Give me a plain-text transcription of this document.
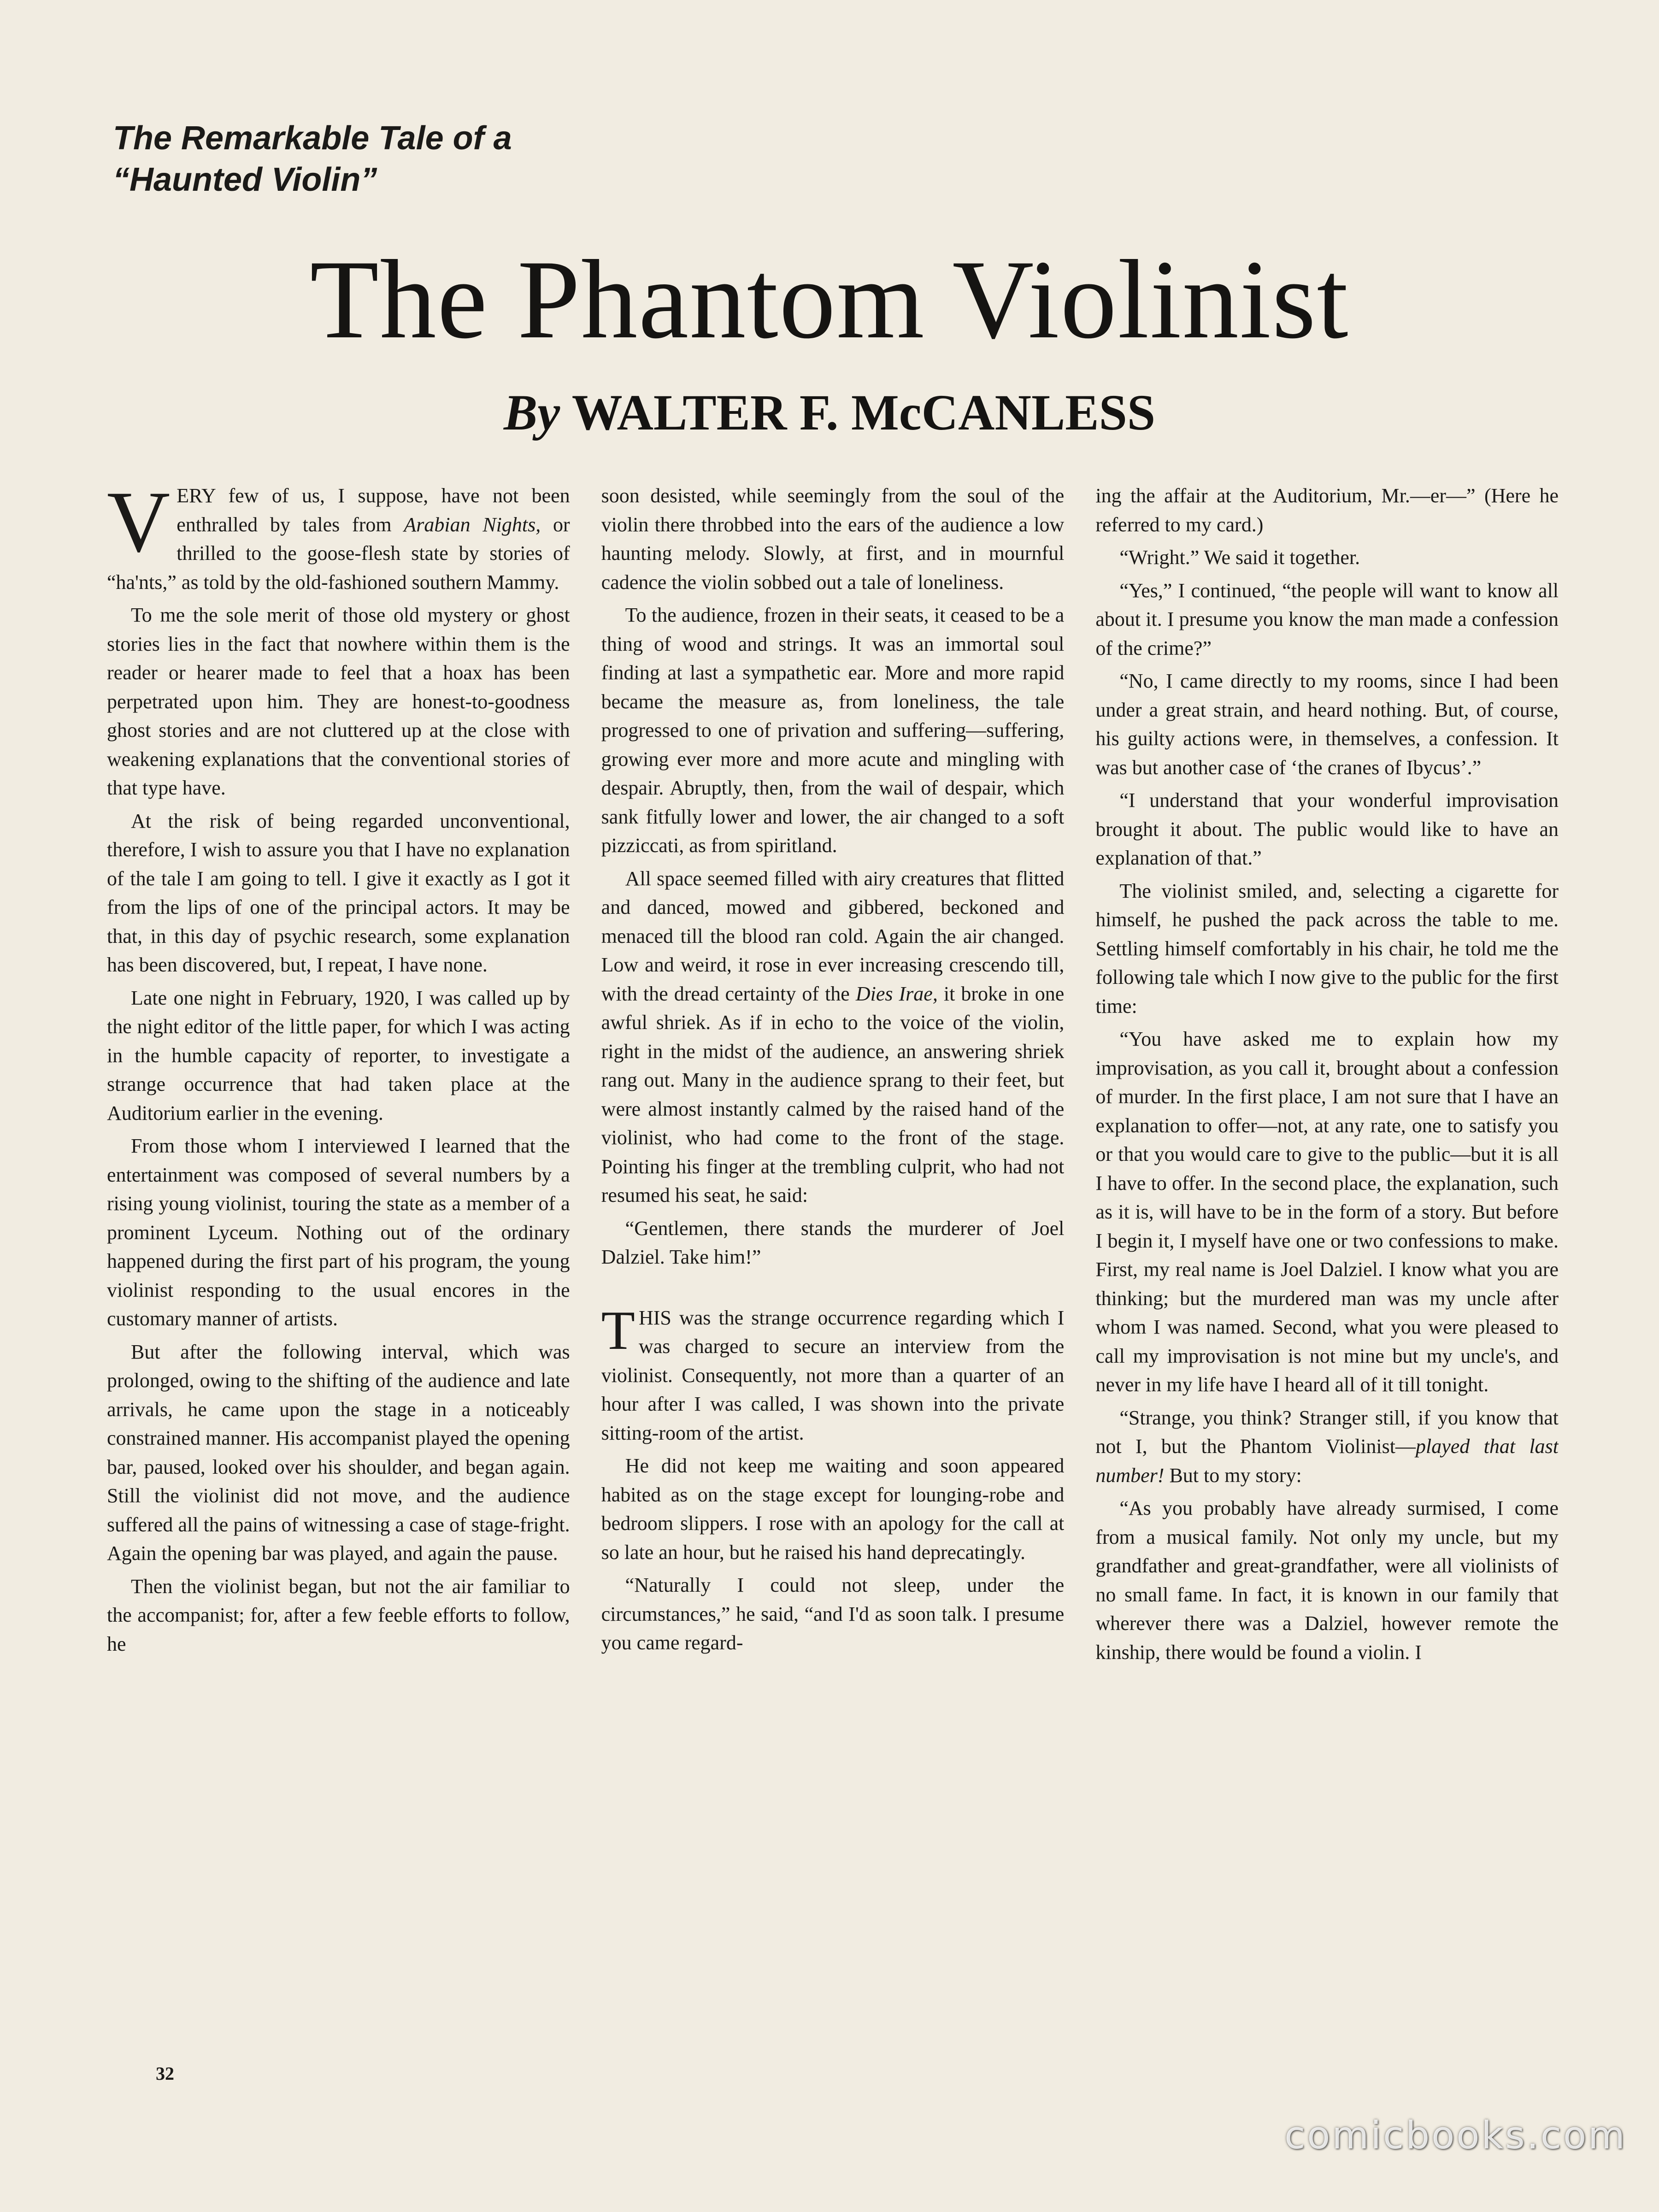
The Remarkable Tale of a
“Haunted Violin”
The Phantom Violinist
By WALTER F. McCANLESS

VERY few of us, I suppose, have not been enthralled by tales from Arabian Nights, or thrilled to the goose-flesh state by stories of “ha'nts,” as told by the old-fashioned southern Mammy.

To me the sole merit of those old mystery or ghost stories lies in the fact that nowhere within them is the reader or hearer made to feel that a hoax has been perpetrated upon him. They are honest-to-goodness ghost stories and are not cluttered up at the close with weakening explanations that the conventional stories of that type have.

At the risk of being regarded unconventional, therefore, I wish to assure you that I have no explanation of the tale I am going to tell. I give it exactly as I got it from the lips of one of the principal actors. It may be that, in this day of psychic research, some explanation has been discovered, but, I repeat, I have none.

Late one night in February, 1920, I was called up by the night editor of the little paper, for which I was acting in the humble capacity of reporter, to investigate a strange occurrence that had taken place at the Auditorium earlier in the evening.

From those whom I interviewed I learned that the entertainment was composed of several numbers by a rising young violinist, touring the state as a member of a prominent Lyceum. Nothing out of the ordinary happened during the first part of his program, the young violinist responding to the usual encores in the customary manner of artists.

But after the following interval, which was prolonged, owing to the shifting of the audience and late arrivals, he came upon the stage in a noticeably constrained manner. His accompanist played the opening bar, paused, looked over his shoulder, and began again. Still the violinist did not move, and the audience suffered all the pains of witnessing a case of stage-fright. Again the opening bar was played, and again the pause.

Then the violinist began, but not the air familiar to the accompanist; for, after a few feeble efforts to follow, he

soon desisted, while seemingly from the soul of the violin there throbbed into the ears of the audience a low haunting melody. Slowly, at first, and in mournful cadence the violin sobbed out a tale of loneliness.

To the audience, frozen in their seats, it ceased to be a thing of wood and strings. It was an immortal soul finding at last a sympathetic ear. More and more rapid became the measure as, from loneliness, the tale progressed to one of privation and suffering—suffering, growing ever more and more acute and mingling with despair. Abruptly, then, from the wail of despair, which sank fitfully lower and lower, the air changed to a soft pizziccati, as from spiritland.

All space seemed filled with airy creatures that flitted and danced, mowed and gibbered, beckoned and menaced till the blood ran cold. Again the air changed. Low and weird, it rose in ever increasing crescendo till, with the dread certainty of the Dies Irae, it broke in one awful shriek. As if in echo to the voice of the violin, right in the midst of the audience, an answering shriek rang out. Many in the audience sprang to their feet, but were almost instantly calmed by the raised hand of the violinist, who had come to the front of the stage. Pointing his finger at the trembling culprit, who had not resumed his seat, he said:

“Gentlemen, there stands the murderer of Joel Dalziel. Take him!”

THIS was the strange occurrence regarding which I was charged to secure an interview from the violinist. Consequently, not more than a quarter of an hour after I was called, I was shown into the private sitting-room of the artist.

He did not keep me waiting and soon appeared habited as on the stage except for lounging-robe and bedroom slippers. I rose with an apology for the call at so late an hour, but he raised his hand deprecatingly.

“Naturally I could not sleep, under the circumstances,” he said, “and I'd as soon talk. I presume you came regard-

ing the affair at the Auditorium, Mr.—er—” (Here he referred to my card.)

“Wright.” We said it together.

“Yes,” I continued, “the people will want to know all about it. I presume you know the man made a confession of the crime?”

“No, I came directly to my rooms, since I had been under a great strain, and heard nothing. But, of course, his guilty actions were, in themselves, a confession. It was but another case of ‘the cranes of Ibycus’.”

“I understand that your wonderful improvisation brought it about. The public would like to have an explanation of that.”

The violinist smiled, and, selecting a cigarette for himself, he pushed the pack across the table to me. Settling himself comfortably in his chair, he told me the following tale which I now give to the public for the first time:

“You have asked me to explain how my improvisation, as you call it, brought about a confession of murder. In the first place, I am not sure that I have an explanation to offer—not, at any rate, one to satisfy you or that you would care to give to the public—but it is all I have to offer. In the second place, the explanation, such as it is, will have to be in the form of a story. But before I begin it, I myself have one or two confessions to make. First, my real name is Joel Dalziel. I know what you are thinking; but the murdered man was my uncle after whom I was named. Second, what you were pleased to call my improvisation is not mine but my uncle's, and never in my life have I heard all of it till tonight.

“Strange, you think? Stranger still, if you know that not I, but the Phantom Violinist—played that last number! But to my story:

“As you probably have already surmised, I come from a musical family. Not only my uncle, but my grandfather and great-grandfather, were all violinists of no small fame. In fact, it is known in our family that wherever there was a Dalziel, however remote the kinship, there would be found a violin. I

32
comicbooks.com
